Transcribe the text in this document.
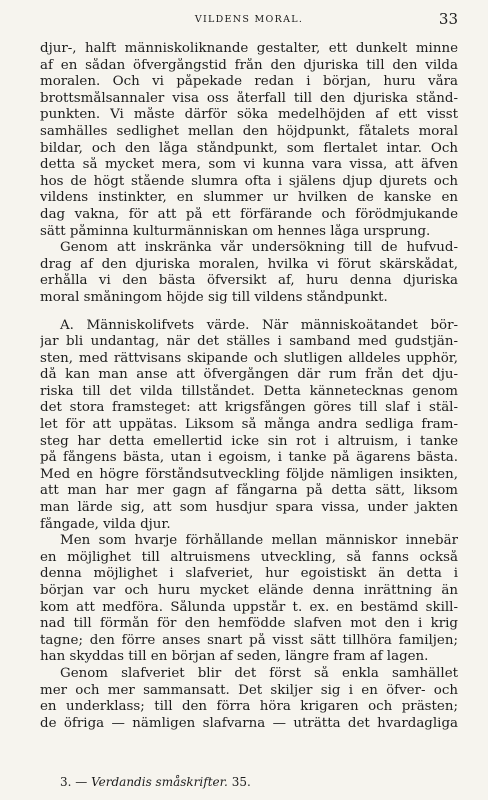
VILDENS MORAL.	33
djur-, halft människoliknande gestalter, ett dunkelt minne
af en sådan öfvergångstid från den djuriska till den vilda
moralen. Och vi påpekade redan i början, huru våra
brottsmålsannaler visa oss återfall till den djuriska stånd-
punkten. Vi måste därför söka medelhöjden af ett visst
samhälles sedlighet mellan den höjdpunkt, fåtalets moral
bildar, och den låga ståndpunkt, som flertalet intar. Och
detta så mycket mera, som vi kunna vara vissa, att äfven
hos de högt stående slumra ofta i själens djup djurets och
vildens instinkter, en slummer ur hvilken de kanske en
dag vakna, för att på ett förfärande och förödmjukande
sätt påminna kulturmänniskan om hennes låga ursprung.
Genom att inskränka vår undersökning till de hufvud-
drag af den djuriska moralen, hvilka vi förut skärskådat,
erhålla vi den bästa öfversikt af, huru denna djuriska
moral småningom höjde sig till vildens ståndpunkt.
A. Människolifvets värde. När människoätandet bör-
jar bli undantag, när det ställes i samband med gudstjän-
sten, med rättvisans skipande och slutligen alldeles upphör,
då kan man anse att öfvergången där rum från det dju-
riska till det vilda tillståndet. Detta kännetecknas genom
det stora framsteget: att krigsfången göres till slaf i stäl-
let för att uppätas. Liksom så många andra sedliga fram-
steg har detta emellertid icke sin rot i altruism, i tanke
på fångens bästa, utan i egoism, i tanke på ägarens bästa.
Med en högre förståndsutveckling följde nämligen insikten,
att man har mer gagn af fångarna på detta sätt, liksom
man lärde sig, att som husdjur spara vissa, under jakten
fångade, vilda djur.
Men som hvarje förhållande mellan människor innebär
en möjlighet till altruismens utveckling, så fanns också
denna möjlighet i slafveriet, hur egoistiskt än detta i
början var och huru mycket elände denna inrättning än
kom att medföra. Sålunda uppstår t. ex. en bestämd skill-
nad till förmån för den hemfödde slafven mot den i krig
tagne; den förre anses snart på visst sätt tillhöra familjen;
han skyddas till en början af seden, längre fram af lagen.
Genom slafveriet blir det först så enkla samhället
mer och mer sammansatt. Det skiljer sig i en öfver- och
en underklass; till den förra höra krigaren och prästen;
de öfriga — nämligen slafvarna — uträtta det hvardagliga
3. — Verdandis småskrifter. 35.
